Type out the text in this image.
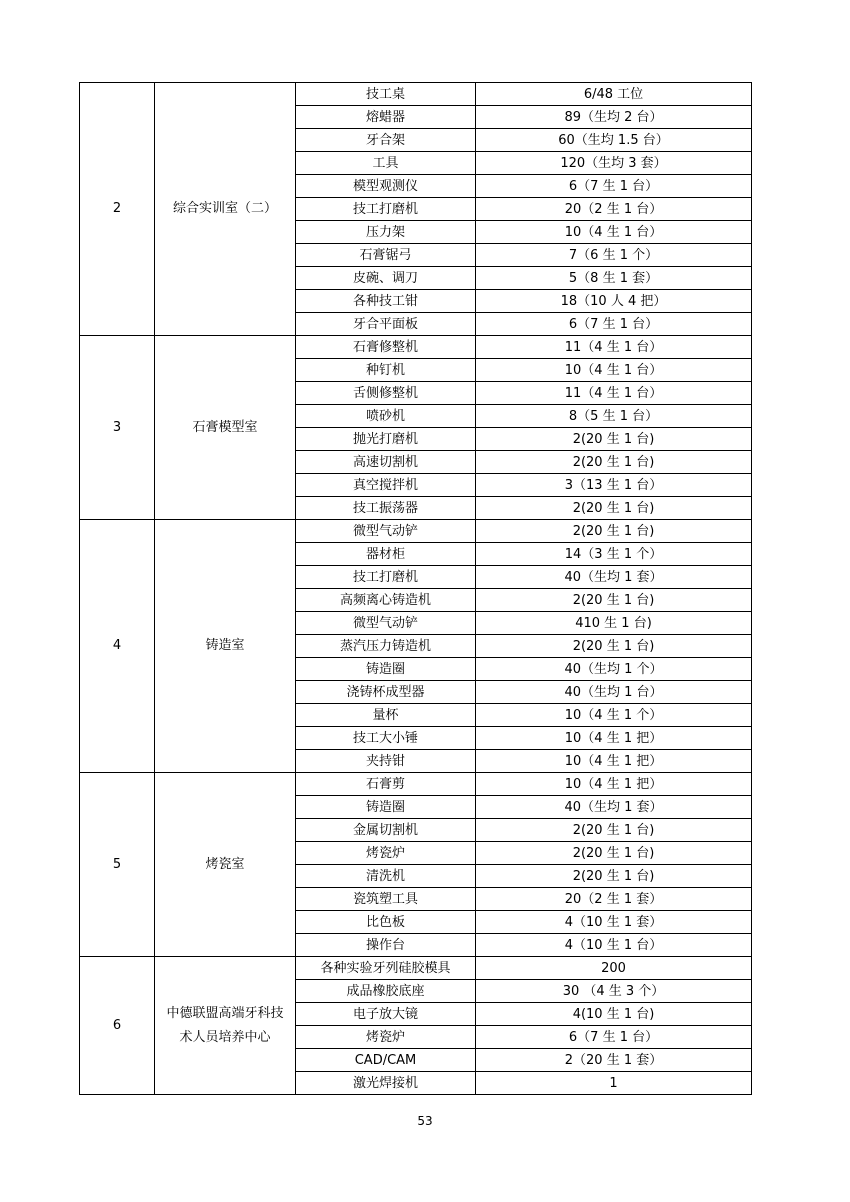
2	综合实训室（二）	技工桌	6/48 工位
		熔蜡器	89（生均 2 台）
		牙合架	60（生均 1.5 台）
		工具	120（生均 3 套）
		模型观测仪	6（7 生 1 台）
		技工打磨机	20（2 生 1 台）
		压力架	10（4 生 1 台）
		石膏锯弓	7（6 生 1 个）
		皮碗、调刀	5（8 生 1 套）
		各种技工钳	18（10 人 4 把）
		牙合平面板	6（7 生 1 台）
3	石膏模型室	石膏修整机	11（4 生 1 台）
		种钉机	10（4 生 1 台）
		舌侧修整机	11（4 生 1 台）
		喷砂机	8（5 生 1 台）
		抛光打磨机	2(20 生 1 台)
		高速切割机	2(20 生 1 台)
		真空搅拌机	3（13 生 1 台）
		技工振荡器	2(20 生 1 台)
4	铸造室	微型气动铲	2(20 生 1 台)
		器材柜	14（3 生 1 个）
		技工打磨机	40（生均 1 套）
		高频离心铸造机	2(20 生 1 台)
		微型气动铲	410 生 1 台)
		蒸汽压力铸造机	2(20 生 1 台)
		铸造圈	40（生均 1 个）
		浇铸杯成型器	40（生均 1 台）
		量杯	10（4 生 1 个）
		技工大小锤	10（4 生 1 把）
		夹持钳	10（4 生 1 把）
5	烤瓷室	石膏剪	10（4 生 1 把）
		铸造圈	40（生均 1 套）
		金属切割机	2(20 生 1 台)
		烤瓷炉	2(20 生 1 台)
		清洗机	2(20 生 1 台)
		瓷筑塑工具	20（2 生 1 套）
		比色板	4（10 生 1 套）
		操作台	4（10 生 1 台）
6	中德联盟高端牙科技术人员培养中心	各种实验牙列硅胶模具	200
		成品橡胶底座	30 （4 生 3 个）
		电子放大镜	4(10 生 1 台)
		烤瓷炉	6（7 生 1 台）
		CAD/CAM	2（20 生 1 套）
		激光焊接机	1
53
